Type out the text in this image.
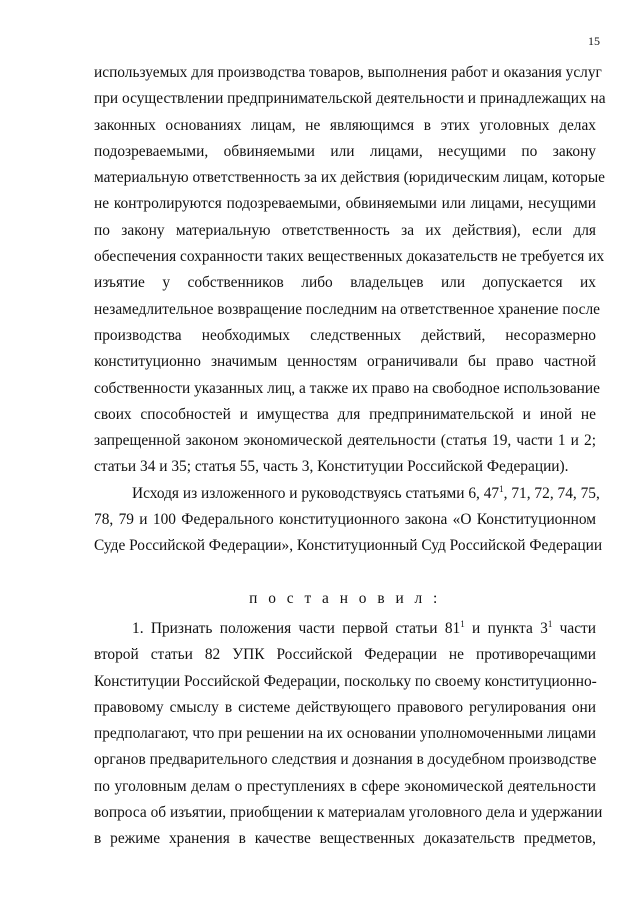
15
используемых для производства товаров, выполнения работ и оказания услуг
при осуществлении предпринимательской деятельности и принадлежащих на
законных основаниях лицам, не являющимся в этих уголовных делах
подозреваемыми, обвиняемыми или лицами, несущими по закону
материальную ответственность за их действия (юридическим лицам, которые
не контролируются подозреваемыми, обвиняемыми или лицами, несущими
по закону материальную ответственность за их действия), если для
обеспечения сохранности таких вещественных доказательств не требуется их
изъятие у собственников либо владельцев или допускается их
незамедлительное возвращение последним на ответственное хранение после
производства необходимых следственных действий, несоразмерно
конституционно значимым ценностям ограничивали бы право частной
собственности указанных лиц, а также их право на свободное использование
своих способностей и имущества для предпринимательской и иной не
запрещенной законом экономической деятельности (статья 19, части 1 и 2;
статьи 34 и 35; статья 55, часть 3, Конституции Российской Федерации).
Исходя из изложенного и руководствуясь статьями 6, $47^1$, 71, 72, 74, 75,
78, 79 и 100 Федерального конституционного закона «О Конституционном
Суде Российской Федерации», Конституционный Суд Российской Федерации

п о с т а н о в и л :

1. Признать положения части первой статьи $81^1$ и пункта $3^1$ части
второй статьи 82 УПК Российской Федерации не противоречащими
Конституции Российской Федерации, поскольку по своему конституционно-
правовому смыслу в системе действующего правового регулирования они
предполагают, что при решении на их основании уполномоченными лицами
органов предварительного следствия и дознания в досудебном производстве
по уголовным делам о преступлениях в сфере экономической деятельности
вопроса об изъятии, приобщении к материалам уголовного дела и удержании
в режиме хранения в качестве вещественных доказательств предметов,
